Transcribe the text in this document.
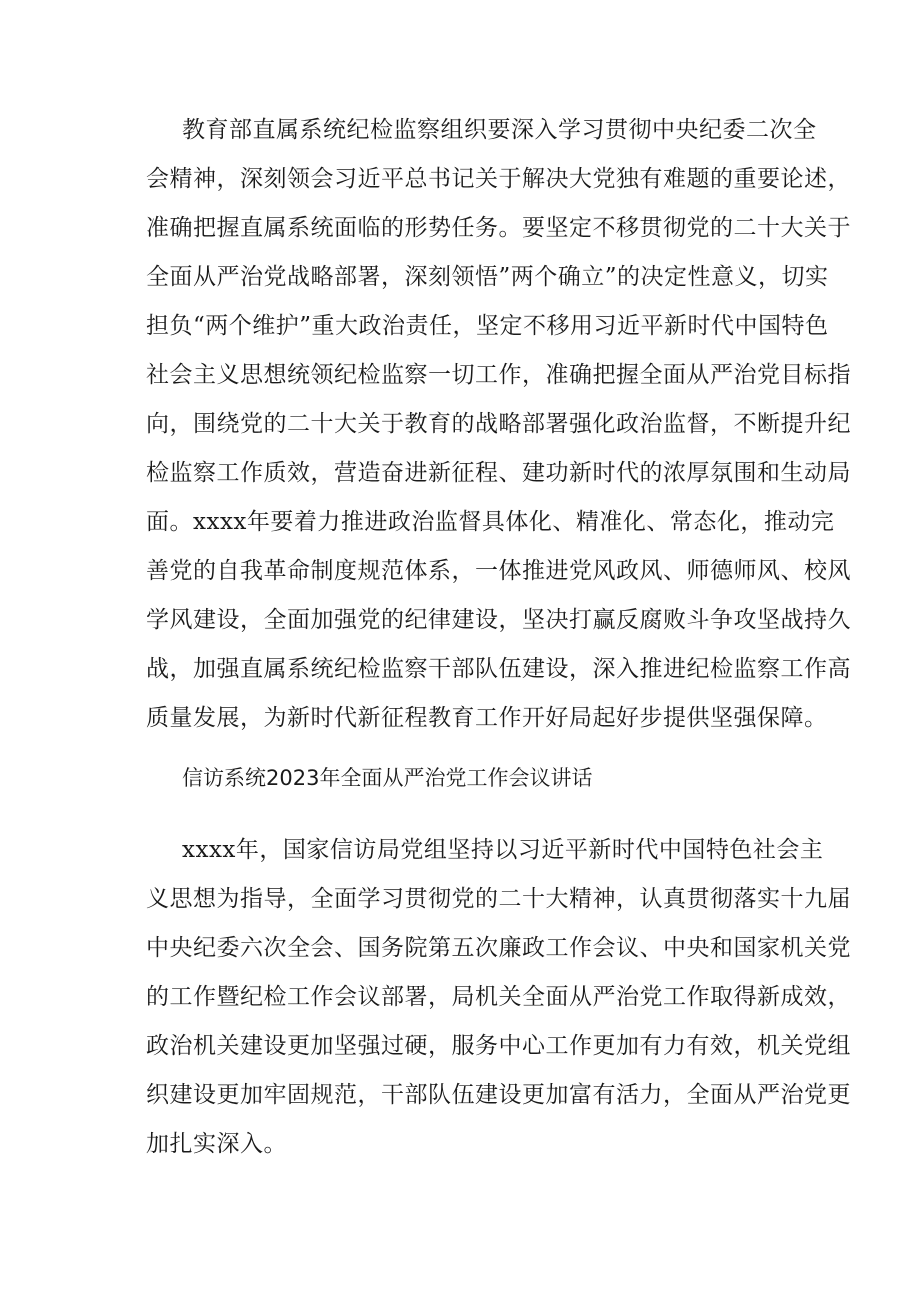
教育部直属系统纪检监察组织要深入学习贯彻中央纪委二次全
会精神，深刻领会习近平总书记关于解决大党独有难题的重要论述，
准确把握直属系统面临的形势任务。要坚定不移贯彻党的二十大关于
全面从严治党战略部署，深刻领悟”两个确立”的决定性意义，切实
担负“两个维护”重大政治责任，坚定不移用习近平新时代中国特色
社会主义思想统领纪检监察一切工作，准确把握全面从严治党目标指
向，围绕党的二十大关于教育的战略部署强化政治监督，不断提升纪
检监察工作质效，营造奋进新征程、建功新时代的浓厚氛围和生动局
面。xxxx年要着力推进政治监督具体化、精准化、常态化，推动完
善党的自我革命制度规范体系，一体推进党风政风、师德师风、校风
学风建设，全面加强党的纪律建设，坚决打赢反腐败斗争攻坚战持久
战，加强直属系统纪检监察干部队伍建设，深入推进纪检监察工作高
质量发展，为新时代新征程教育工作开好局起好步提供坚强保障。
信访系统2023年全面从严治党工作会议讲话
xxxx年，国家信访局党组坚持以习近平新时代中国特色社会主
义思想为指导，全面学习贯彻党的二十大精神，认真贯彻落实十九届
中央纪委六次全会、国务院第五次廉政工作会议、中央和国家机关党
的工作暨纪检工作会议部署，局机关全面从严治党工作取得新成效，
政治机关建设更加坚强过硬，服务中心工作更加有力有效，机关党组
织建设更加牢固规范，干部队伍建设更加富有活力，全面从严治党更
加扎实深入。
